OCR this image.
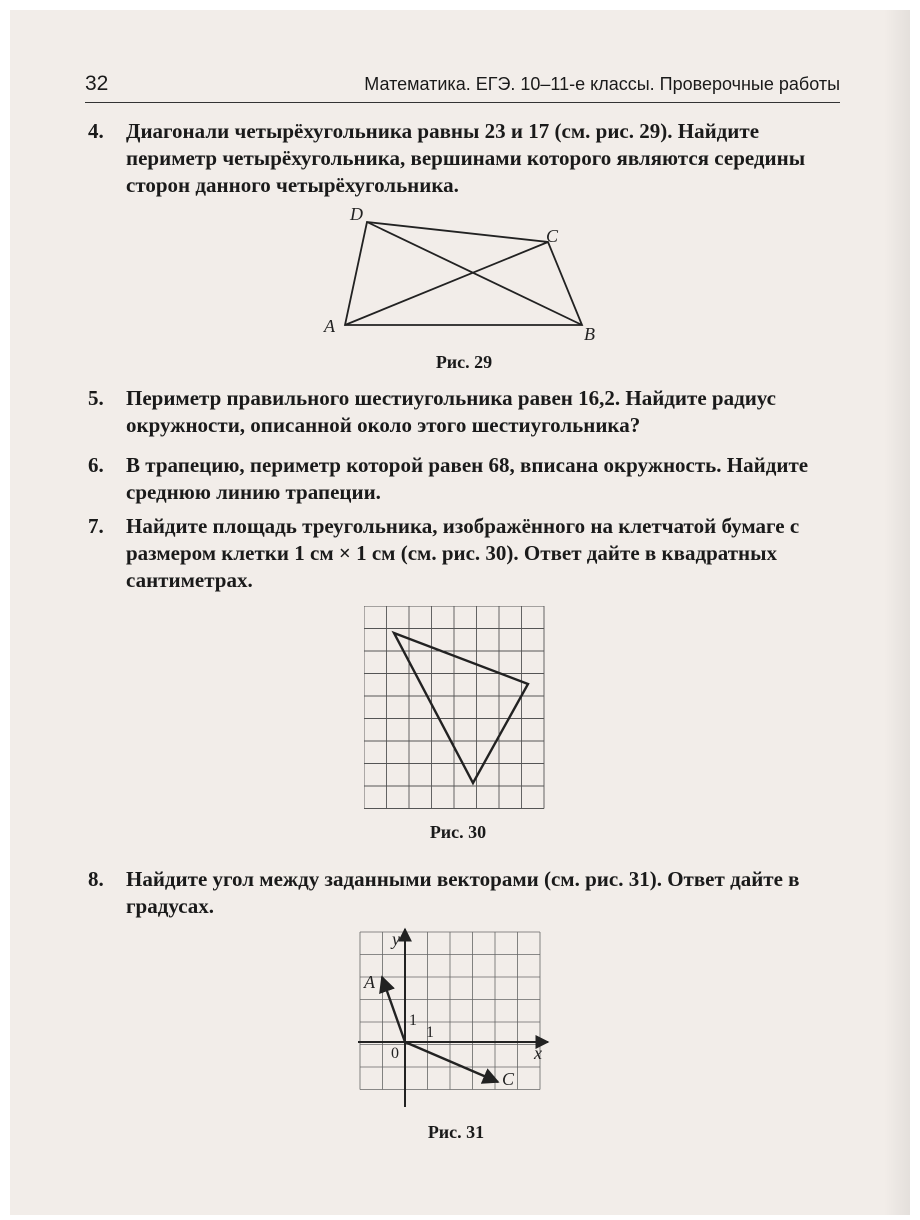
32	Математика. ЕГЭ. 10–11-е классы. Проверочные работы
4.	Диагонали четырёхугольника равны 23 и 17 (см. рис. 29). Найдите периметр четырёхугольника, вершинами которого являются середины сторон данного четырёхугольника.
D
C
A	B
Рис. 29
5.	Периметр правильного шестиугольника равен 16,2. Найдите радиус окружности, описанной около этого шестиугольника?
6.	В трапецию, периметр которой равен 68, вписана окружность. Найдите среднюю линию трапеции.
7.	Найдите площадь треугольника, изображённого на клетчатой бумаге с размером клетки 1 см × 1 см (см. рис. 30). Ответ дайте в квадратных сантиметрах.
Рис. 30
8.	Найдите угол между заданными векторами (см. рис. 31). Ответ дайте в градусах.
y
x
A
C
0
1
1
Рис. 31
